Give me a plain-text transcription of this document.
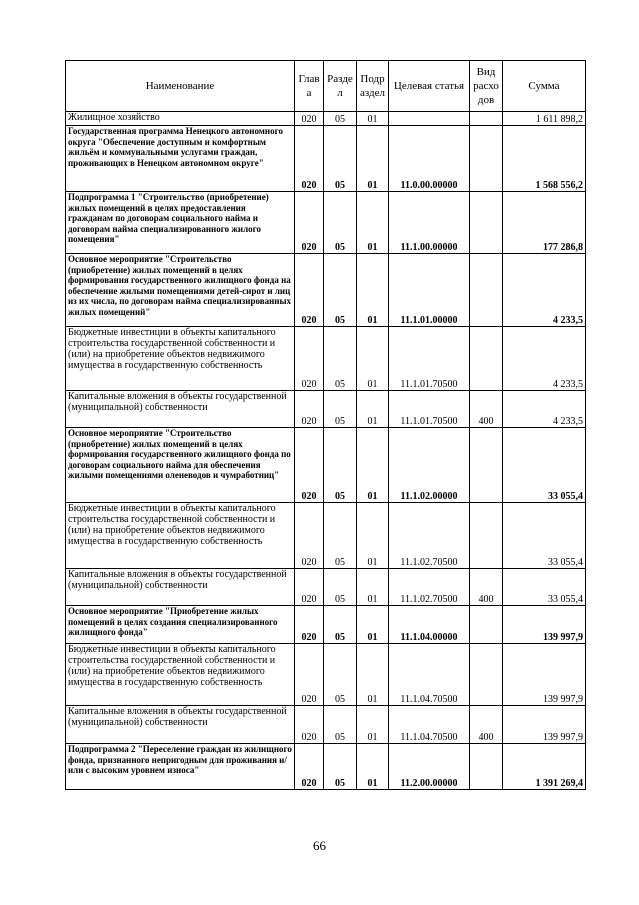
Наименование	Глав а	Разде л	Подр аздел	Целевая статья	Вид расхо дов	Сумма
Жилищное хозяйство	020	05	01			1 611 898,2
Государственная программа Ненецкого автономного округа "Обеспечение доступным и комфортным жильём и коммунальными услугами граждан, проживающих в Ненецком автономном округе"	020	05	01	11.0.00.00000		1 568 556,2
Подпрограмма 1 "Строительство (приобретение) жилых помещений в целях предоставления гражданам по договорам социального найма и договорам найма специализированного жилого помещения"	020	05	01	11.1.00.00000		177 286,8
Основное мероприятие "Строительство (приобретение) жилых помещений в целях формирования государственного жилищного фонда на обеспечение жилыми помещениями детей-сирот и лиц из их числа, по договорам найма специализированных жилых помещений"	020	05	01	11.1.01.00000		4 233,5
Бюджетные инвестиции в объекты капитального строительства государственной собственности и (или) на приобретение объектов недвижимого имущества в государственную собственность	020	05	01	11.1.01.70500		4 233,5
Капитальные вложения в объекты государственной (муниципальной) собственности	020	05	01	11.1.01.70500	400	4 233,5
Основное мероприятие "Строительство (приобретение) жилых помещений в целях формирования государственного жилищного фонда по договорам социального найма для обеспечения жилыми помещениями оленеводов и чумработниц"	020	05	01	11.1.02.00000		33 055,4
Бюджетные инвестиции в объекты капитального строительства государственной собственности и (или) на приобретение объектов недвижимого имущества в государственную собственность	020	05	01	11.1.02.70500		33 055,4
Капитальные вложения в объекты государственной (муниципальной) собственности	020	05	01	11.1.02.70500	400	33 055,4
Основное мероприятие "Приобретение жилых помещений в целях создания специализированного жилищного фонда"	020	05	01	11.1.04.00000		139 997,9
Бюджетные инвестиции в объекты капитального строительства государственной собственности и (или) на приобретение объектов недвижимого имущества в государственную собственность	020	05	01	11.1.04.70500		139 997,9
Капитальные вложения в объекты государственной (муниципальной) собственности	020	05	01	11.1.04.70500	400	139 997,9
Подпрограмма 2 "Переселение граждан из жилищного фонда, признанного непригодным для проживания и/или с высоким уровнем износа"	020	05	01	11.2.00.00000		1 391 269,4
66
